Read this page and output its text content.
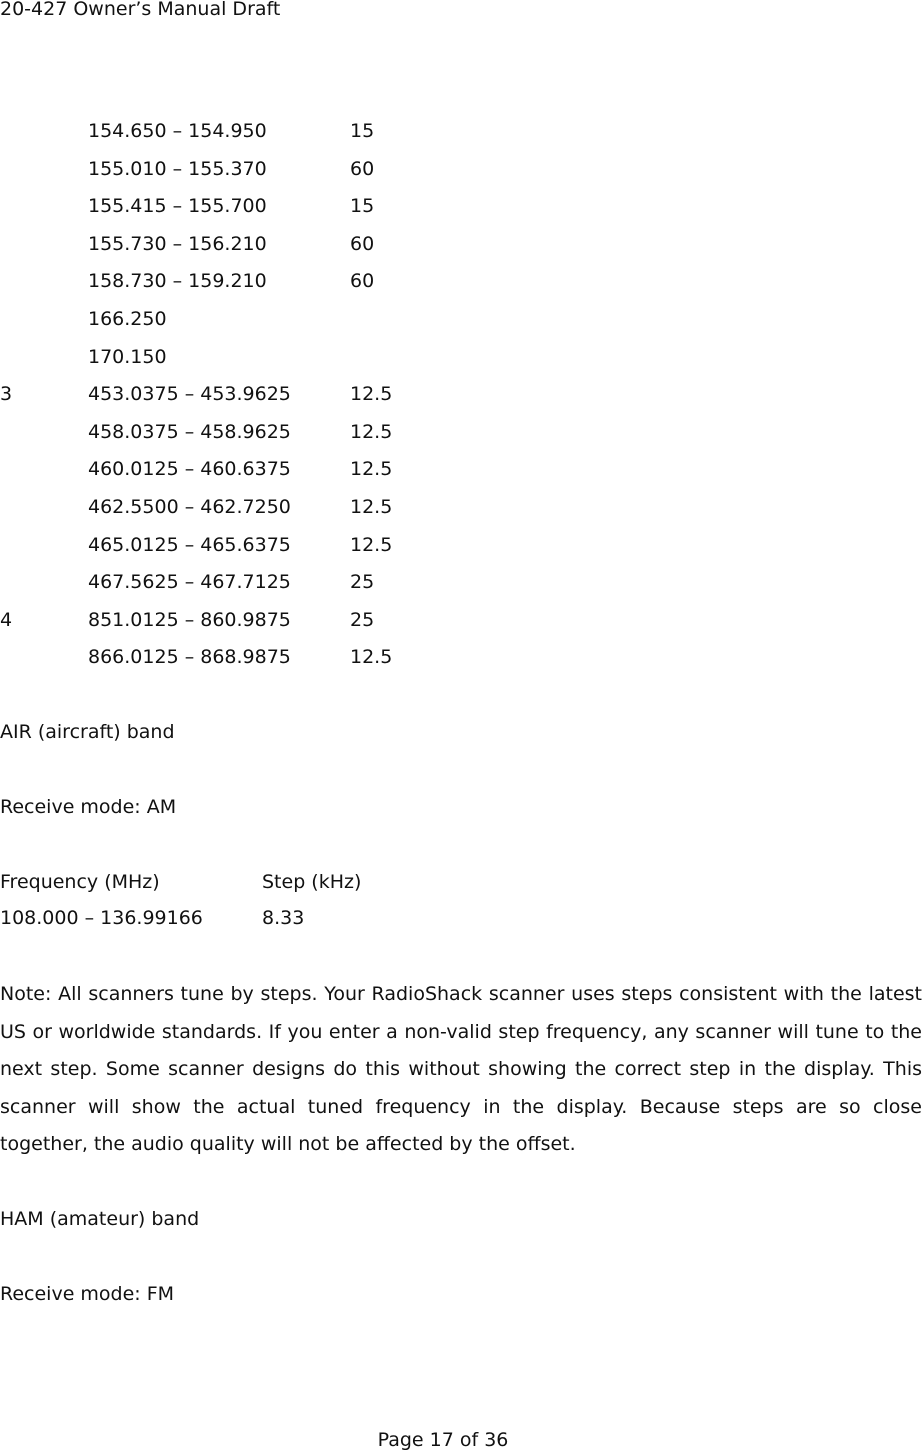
20-427 Owner’s Manual Draft
154.650 – 154.950	15
155.010 – 155.370	60
155.415 – 155.700	15
155.730 – 156.210	60
158.730 – 159.210	60
166.250
170.150
3	453.0375 – 453.9625	12.5
458.0375 – 458.9625	12.5
460.0125 – 460.6375	12.5
462.5500 – 462.7250	12.5
465.0125 – 465.6375	12.5
467.5625 – 467.7125	25
4	851.0125 – 860.9875	25
866.0125 – 868.9875	12.5
AIR (aircraft) band
Receive mode: AM
Frequency (MHz)	Step (kHz)
108.000 – 136.99166	8.33
Note: All scanners tune by steps. Your RadioShack scanner uses steps consistent with the latest US or worldwide standards. If you enter a non-valid step frequency, any scanner will tune to the next step. Some scanner designs do this without showing the correct step in the display. This scanner will show the actual tuned frequency in the display. Because steps are so close together, the audio quality will not be affected by the offset.
HAM (amateur) band
Receive mode: FM
Page 17 of 36
